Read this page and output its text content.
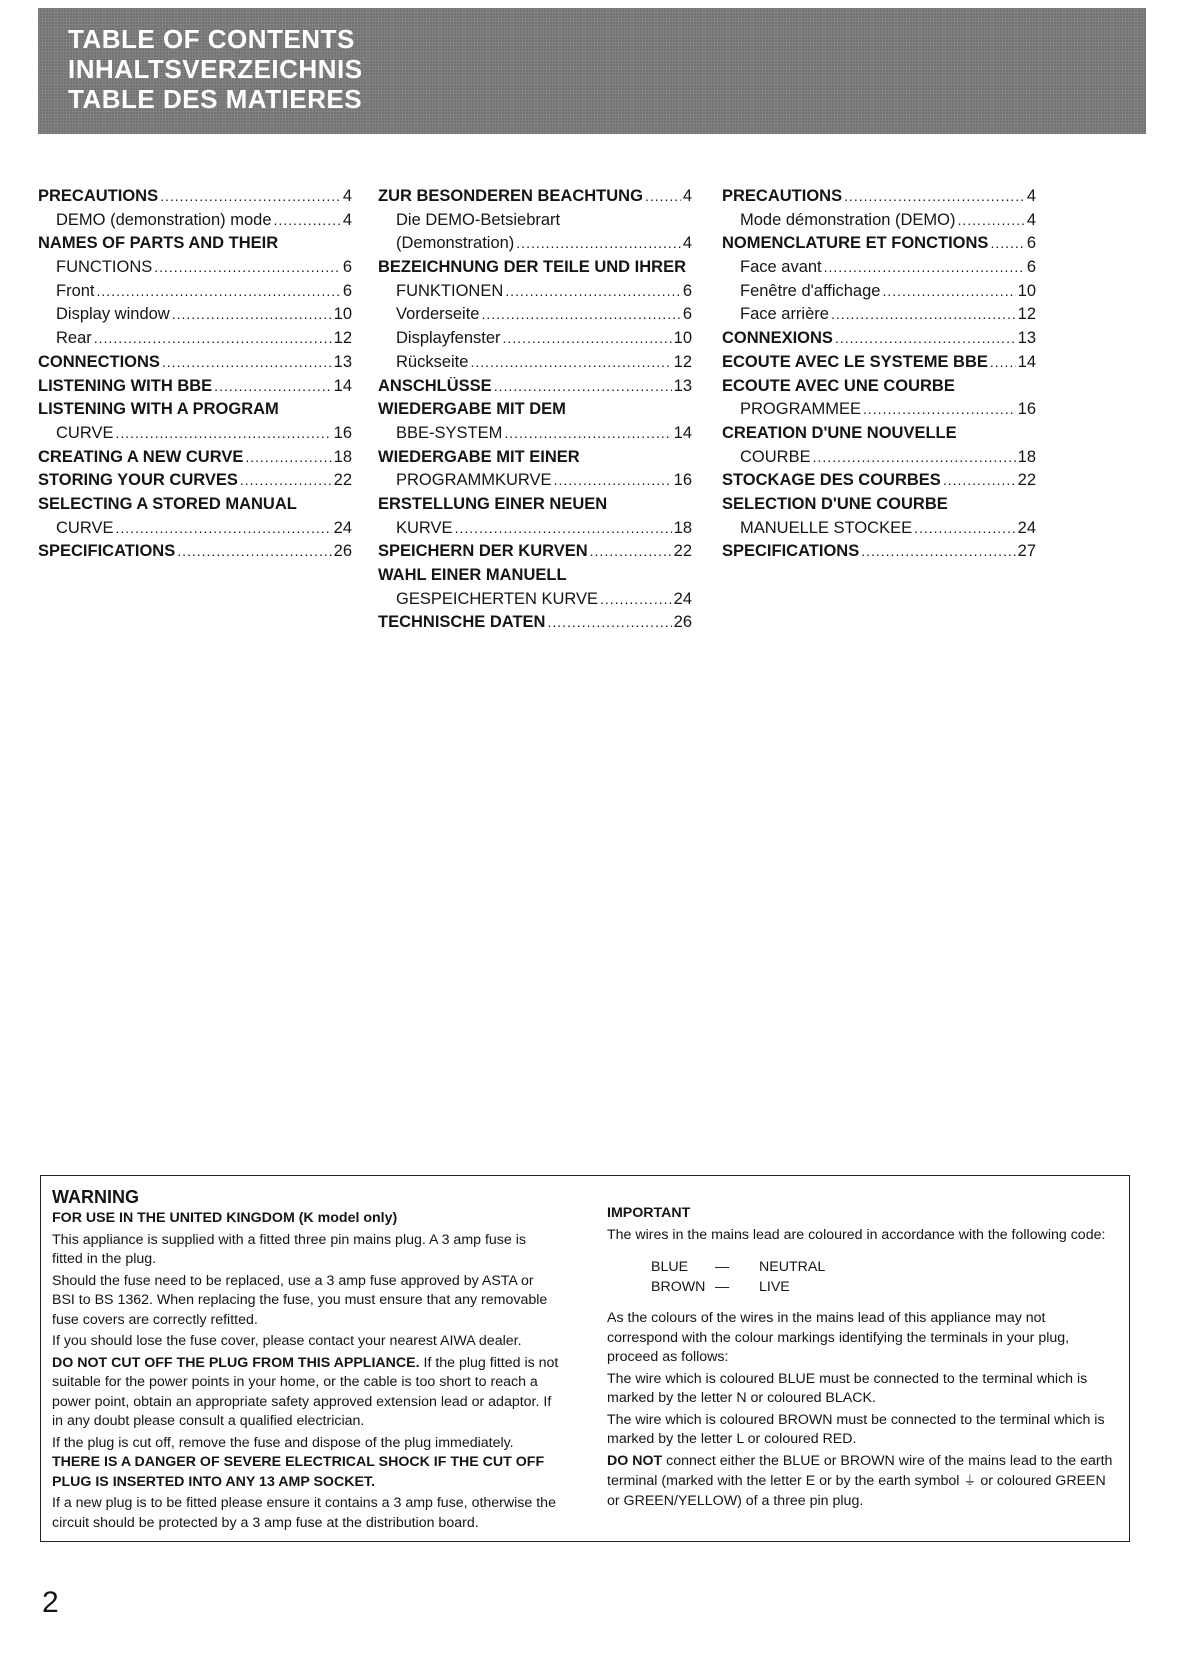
TABLE OF CONTENTS
INHALTSVERZEICHNIS
TABLE DES MATIERES
PRECAUTIONS .....	4
DEMO (demonstration) mode .....	4
NAMES OF PARTS AND THEIR
FUNCTIONS .....	6
Front .....	6
Display window .....	10
Rear .....	12
CONNECTIONS .....	13
LISTENING WITH BBE .....	14
LISTENING WITH A PROGRAM
CURVE .....	16
CREATING A NEW CURVE .....	18
STORING YOUR CURVES .....	22
SELECTING A STORED MANUAL
CURVE .....	24
SPECIFICATIONS .....	26
ZUR BESONDEREN BEACHTUNG ..... 4
Die DEMO-Betsiebrart
(Demonstration) .....	4
BEZEICHNUNG DER TEILE UND IHRER
FUNKTIONEN .....	6
Vorderseite .....	6
Displayfenster .....	10
Rückseite .....	12
ANSCHLÜSSE .....	13
WIEDERGABE MIT DEM
BBE-SYSTEM .....	14
WIEDERGABE MIT EINER
PROGRAMMKURVE .....	16
ERSTELLUNG EINER NEUEN
KURVE .....	18
SPEICHERN DER KURVEN .....	22
WAHL EINER MANUELL
GESPEICHERTEN KURVE .....	24
TECHNISCHE DATEN .....	26
PRECAUTIONS .....	4
Mode démonstration (DEMO) .....	4
NOMENCLATURE ET FONCTIONS ..... 6
Face avant .....	6
Fenêtre d'affichage .....	10
Face arrière .....	12
CONNEXIONS .....	13
ECOUTE AVEC LE SYSTEME BBE ..... 14
ECOUTE AVEC UNE COURBE
PROGRAMMEE .....	16
CREATION D'UNE NOUVELLE
COURBE .....	18
STOCKAGE DES COURBES .....	22
SELECTION D'UNE COURBE
MANUELLE STOCKEE .....	24
SPECIFICATIONS .....	27
WARNING

FOR USE IN THE UNITED KINGDOM (K model only)

This appliance is supplied with a fitted three pin mains plug. A 3 amp fuse is fitted in the plug.

Should the fuse need to be replaced, use a 3 amp fuse approved by ASTA or BSI to BS 1362. When replacing the fuse, you must ensure that any removable fuse covers are correctly refitted.

If you should lose the fuse cover, please contact your nearest AIWA dealer.

DO NOT CUT OFF THE PLUG FROM THIS APPLIANCE. If the plug fitted is not suitable for the power points in your home, or the cable is too short to reach a power point, obtain an appropriate safety approved extension lead or adaptor. If in any doubt please consult a qualified electrician.

If the plug is cut off, remove the fuse and dispose of the plug immediately.
THERE IS A DANGER OF SEVERE ELECTRICAL SHOCK IF THE CUT OFF PLUG IS INSERTED INTO ANY 13 AMP SOCKET.

If a new plug is to be fitted please ensure it contains a 3 amp fuse, otherwise the circuit should be protected by a 3 amp fuse at the distribution board.

IMPORTANT

The wires in the mains lead are coloured in accordance with the following code:

BLUE	—	NEUTRAL
BROWN —	LIVE

As the colours of the wires in the mains lead of this appliance may not correspond with the colour markings identifying the terminals in your plug, proceed as follows:

The wire which is coloured BLUE must be connected to the terminal which is marked by the letter N or coloured BLACK.

The wire which is coloured BROWN must be connected to the terminal which is marked by the letter L or coloured RED.

DO NOT connect either the BLUE or BROWN wire of the mains lead to the earth terminal (marked with the letter E or by the earth symbol ⏚ or coloured GREEN or GREEN/YELLOW) of a three pin plug.

2
